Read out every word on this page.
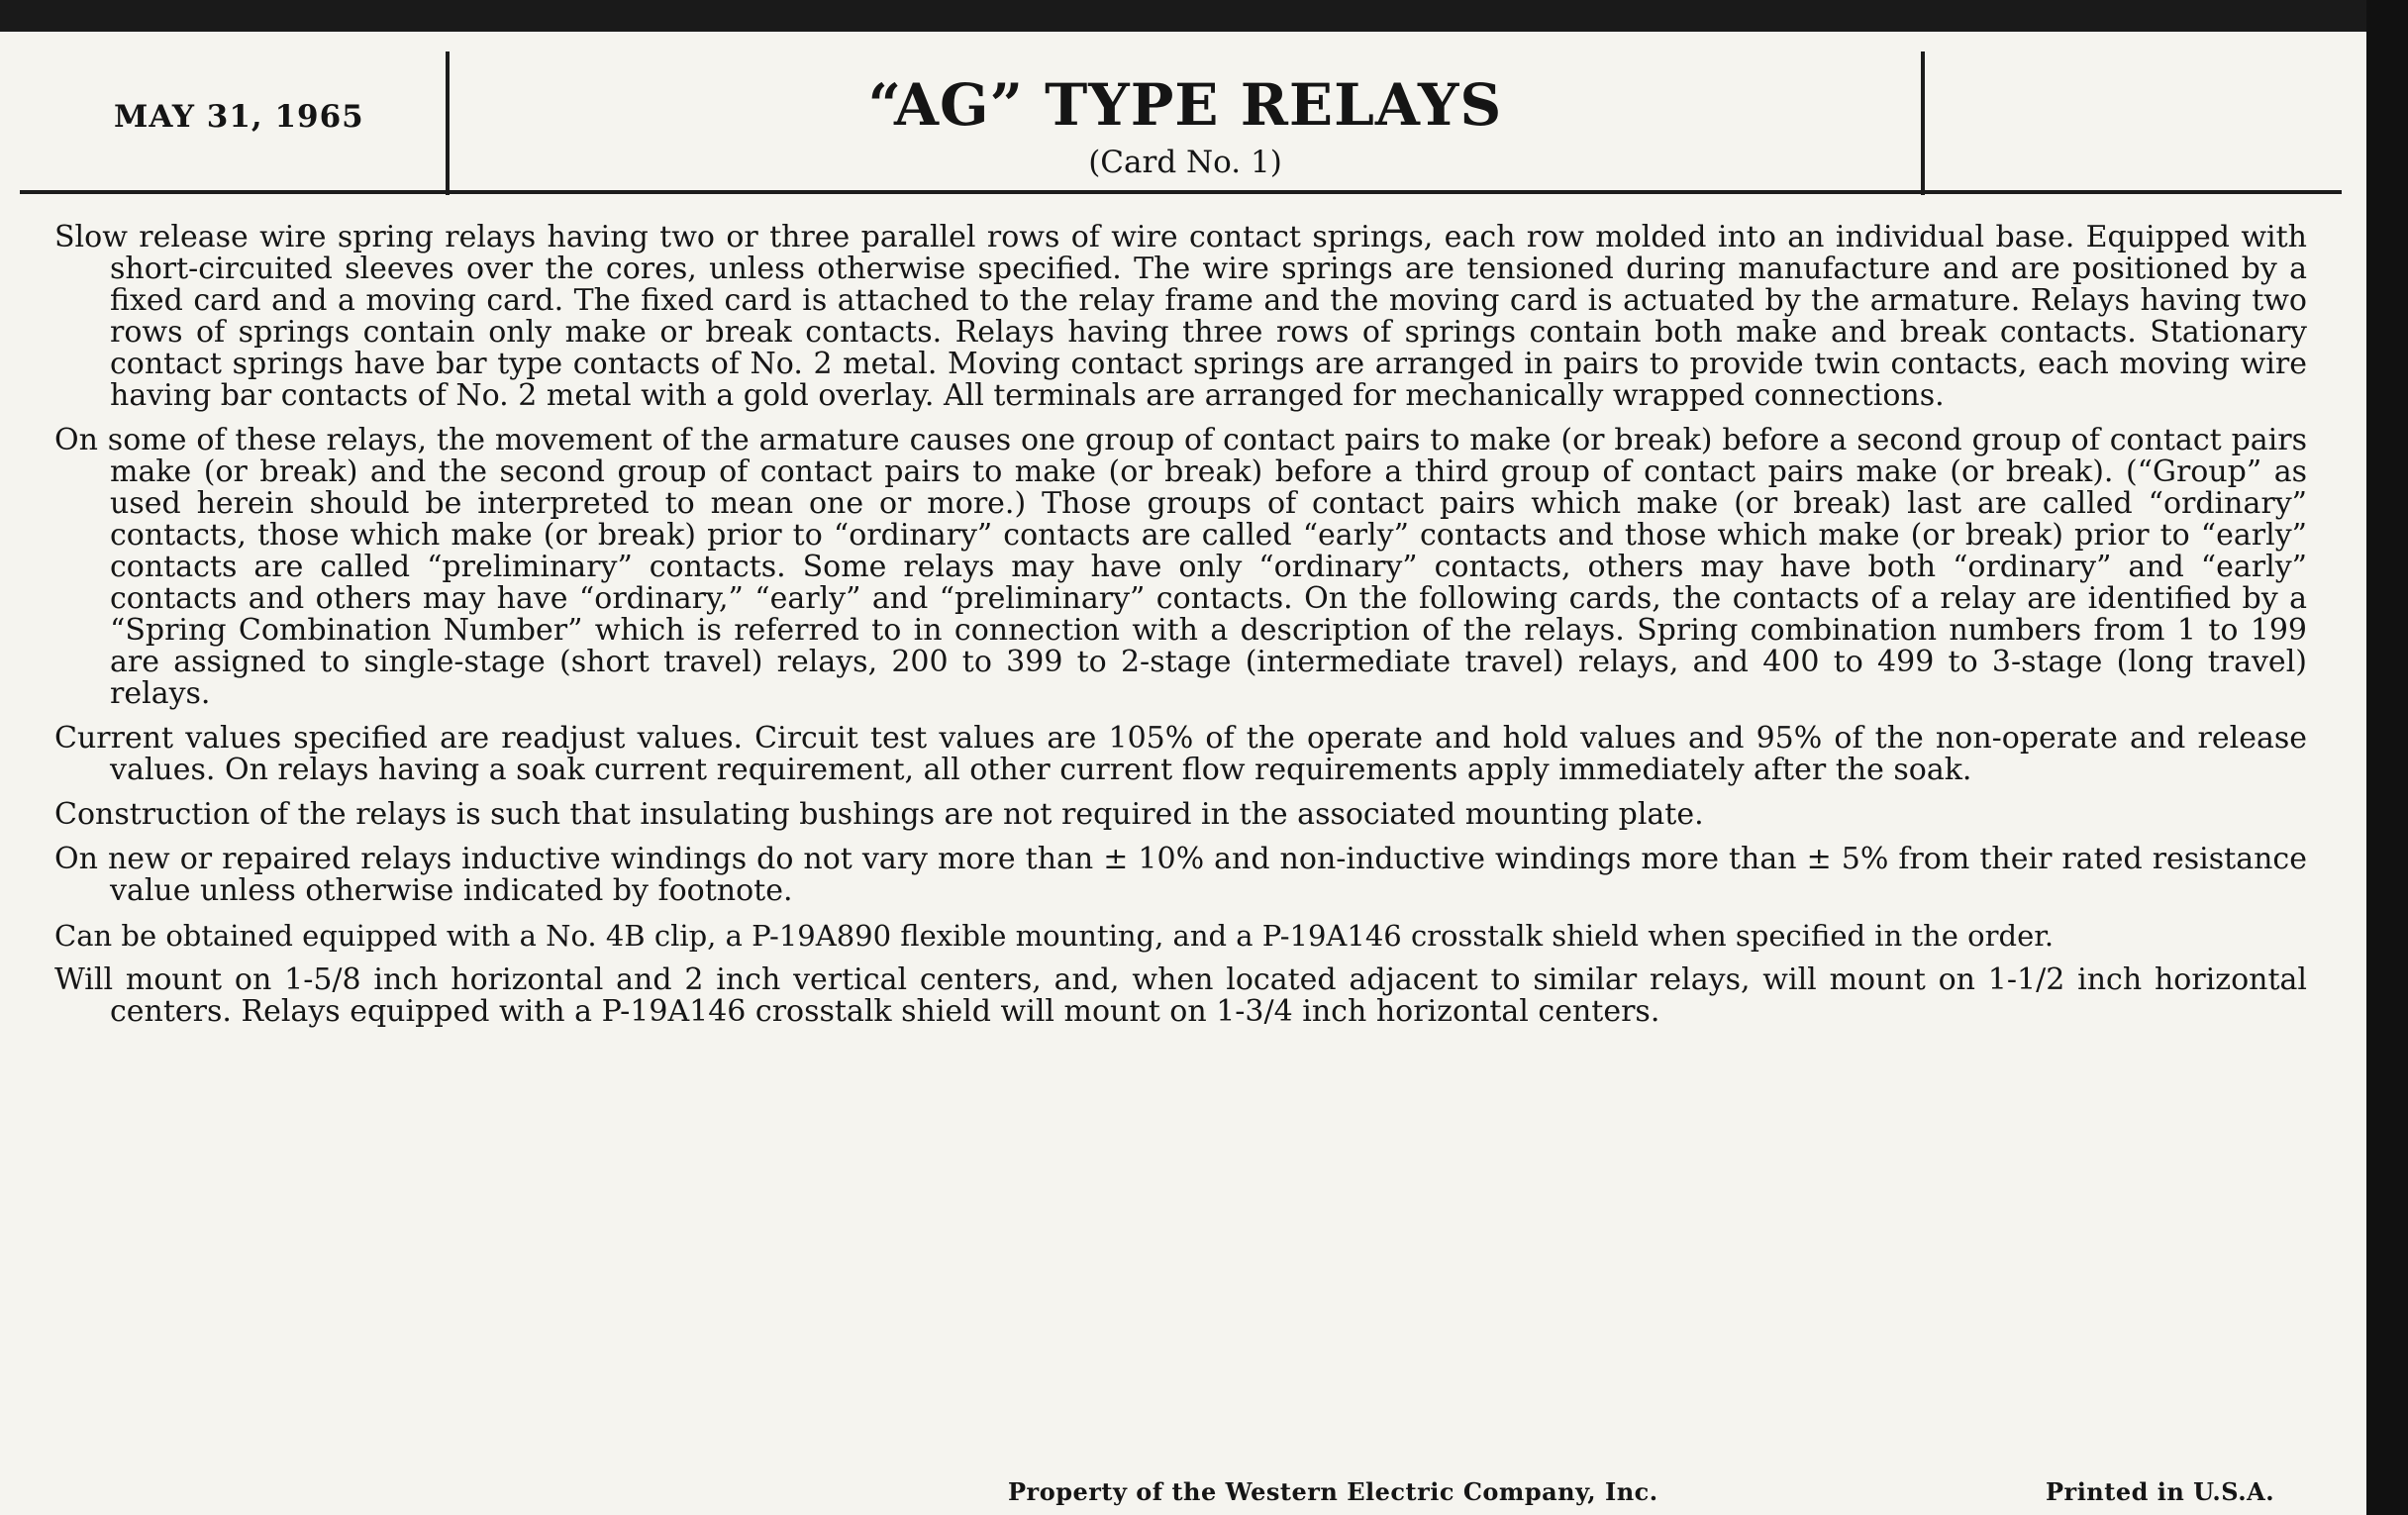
MAY 31, 1965	“AG” TYPE RELAYS
(Card No. 1)

Slow release wire spring relays having two or three parallel rows of wire contact springs, each row molded into an individual base. Equipped with short-circuited sleeves over the cores, unless otherwise specified. The wire springs are tensioned during manufacture and are positioned by a fixed card and a moving card. The fixed card is attached to the relay frame and the moving card is actuated by the armature. Relays having two rows of springs contain only make or break contacts. Relays having three rows of springs contain both make and break contacts. Stationary contact springs have bar type contacts of No. 2 metal. Moving contact springs are arranged in pairs to provide twin contacts, each moving wire having bar contacts of No. 2 metal with a gold overlay. All terminals are arranged for mechanically wrapped connections.

On some of these relays, the movement of the armature causes one group of contact pairs to make (or break) before a second group of contact pairs make (or break) and the second group of contact pairs to make (or break) before a third group of contact pairs make (or break). (“Group” as used herein should be interpreted to mean one or more.) Those groups of contact pairs which make (or break) last are called “ordinary” contacts, those which make (or break) prior to “ordinary” contacts are called “early” contacts and those which make (or break) prior to “early” contacts are called “preliminary” contacts. Some relays may have only “ordinary” contacts, others may have both “ordinary” and “early” contacts and others may have “ordinary,” “early” and “preliminary” contacts. On the following cards, the contacts of a relay are identified by a “Spring Combination Number” which is referred to in connection with a description of the relays. Spring combination numbers from 1 to 199 are assigned to single-stage (short travel) relays, 200 to 399 to 2-stage (intermediate travel) relays, and 400 to 499 to 3-stage (long travel) relays.

Current values specified are readjust values. Circuit test values are 105% of the operate and hold values and 95% of the non-operate and release values. On relays having a soak current requirement, all other current flow requirements apply immediately after the soak.

Construction of the relays is such that insulating bushings are not required in the associated mounting plate.

On new or repaired relays inductive windings do not vary more than ± 10% and non-inductive windings more than ± 5% from their rated resistance value unless otherwise indicated by footnote.

Can be obtained equipped with a No. 4B clip, a P-19A890 flexible mounting, and a P-19A146 crosstalk shield when specified in the order.

Will mount on 1-5/8 inch horizontal and 2 inch vertical centers, and, when located adjacent to similar relays, will mount on 1-1/2 inch horizontal centers. Relays equipped with a P-19A146 crosstalk shield will mount on 1-3/4 inch horizontal centers.

Property of the Western Electric Company, Inc.	Printed in U.S.A.
